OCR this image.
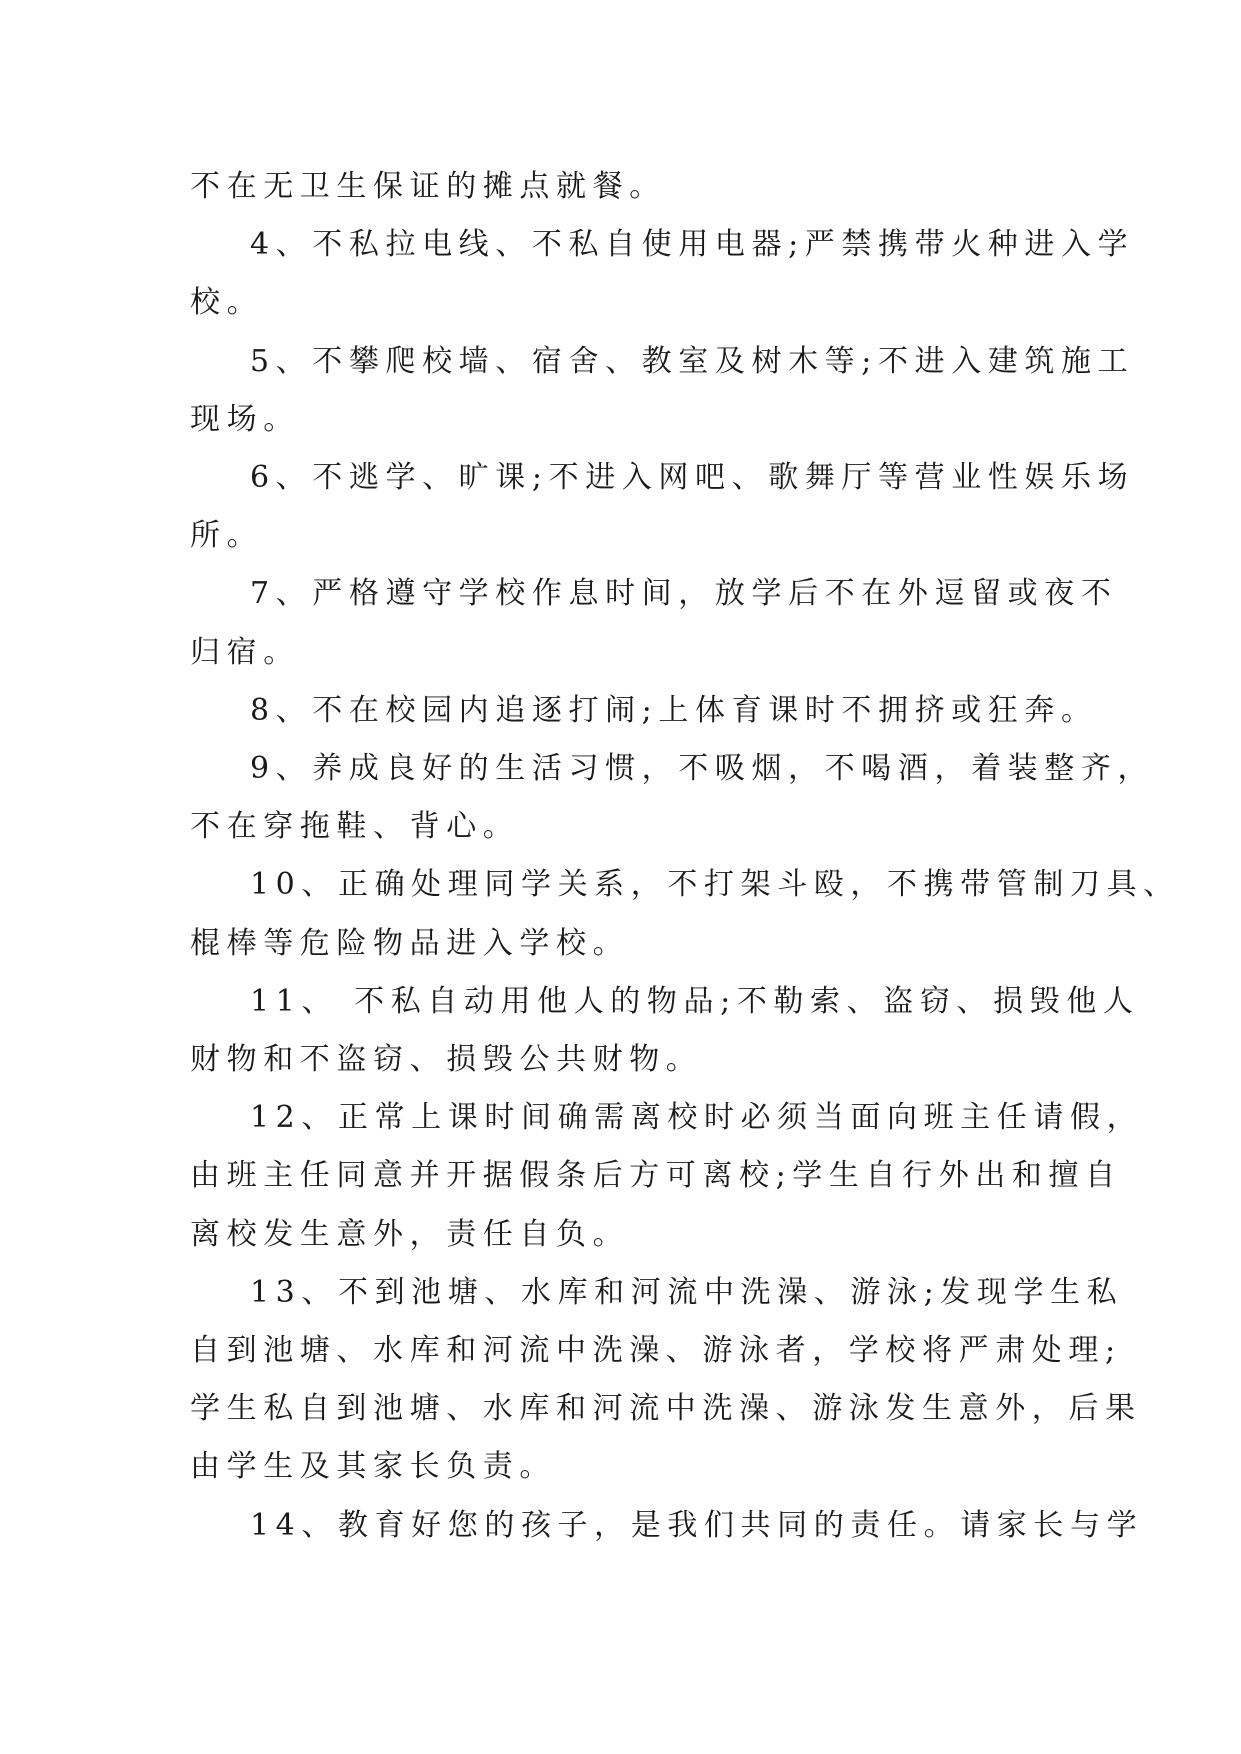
不在无卫生保证的摊点就餐。

4、不私拉电线、不私自使用电器;严禁携带火种进入学

校。

5、不攀爬校墙、宿舍、教室及树木等;不进入建筑施工

现场。

6、不逃学、旷课;不进入网吧、歌舞厅等营业性娱乐场

所。

7、严格遵守学校作息时间，放学后不在外逗留或夜不

归宿。

8、不在校园内追逐打闹;上体育课时不拥挤或狂奔。

9、养成良好的生活习惯，不吸烟，不喝酒，着装整齐，

不在穿拖鞋、背心。

10、正确处理同学关系，不打架斗殴，不携带管制刀具、

棍棒等危险物品进入学校。

11、 不私自动用他人的物品;不勒索、盗窃、损毁他人

财物和不盗窃、损毁公共财物。

12、正常上课时间确需离校时必须当面向班主任请假，

由班主任同意并开据假条后方可离校;学生自行外出和擅自

离校发生意外，责任自负。

13、不到池塘、水库和河流中洗澡、游泳;发现学生私

自到池塘、水库和河流中洗澡、游泳者，学校将严肃处理;

学生私自到池塘、水库和河流中洗澡、游泳发生意外，后果

由学生及其家长负责。

14、教育好您的孩子，是我们共同的责任。请家长与学
